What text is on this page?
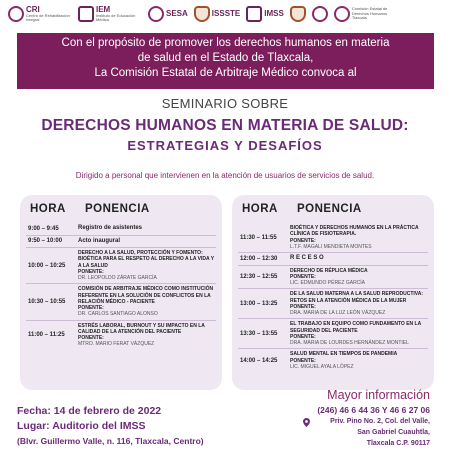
CRI
Centro de Rehabilitación Integral
IEM
Instituto de Educación Médica
SESA	ISSSTE	IMSS
Comisión Estatal de Derechos Humanos Tlaxcala
Con el propósito de promover los derechos humanos en materia
de salud en el Estado de Tlaxcala,
La Comisión Estatal de Arbitraje Médico convoca al
SEMINARIO SOBRE
DERECHOS HUMANOS EN MATERIA DE SALUD:
ESTRATEGIAS Y DESAFÍOS
Dirigido a personal que intervienen en la atención de usuarios de servicios de salud.
HORA PONENCIA
9:00 – 9:45	Registro de asistentes
9:50 – 10:00	Acto inaugural
10:00 – 10:25
DERECHO A LA SALUD, PROTECCIÓN Y FOMENTO: BIOÉTICA PARA EL RESPETO AL DERECHO A LA VIDA Y A LA SALUD
PONENTE:
DR. LEOPOLDO ZÁRATE GARCÍA
10:30 – 10:55
COMISIÓN DE ARBITRAJE MÉDICO COMO INSTITUCIÓN REFERENTE EN LA SOLUCIÓN DE CONFLICTOS EN LA RELACIÓN MÉDICO - PACIENTE
PONENTE:
DR. CARLOS SANTIAGO ALONSO
11:00 – 11:25
ESTRÉS LABORAL, BURNOUT Y SU IMPACTO EN LA CALIDAD DE LA ATENCIÓN DEL PACIENTE
PONENTE:
MTRO. MARIO FERAT VÁZQUEZ
HORA PONENCIA
11:30 – 11:55
BIOÉTICA Y DERECHOS HUMANOS EN LA PRÁCTICA CLÍNICA DE FISIOTERAPIA.
PONENTE:
L.T.F. MAGALI MENDIETA MONTES
12:00 – 12:30	R E C E S O
12:30 – 12:55
DERECHO DE RÉPLICA MÉDICA
PONENTE:
LIC. EDMUNDO PÉREZ GARCÍA
13:00 – 13:25
DE LA SALUD MATERNA A LA SALUD REPRODUCTIVA: RETOS EN LA ATENCIÓN MÉDICA DE LA MUJER
PONENTE:
DRA. MARIA DE LA LUZ LEÓN VÁZQUEZ
13:30 – 13:55
EL TRABAJO EN EQUIPO COMO FUNDAMENTO EN LA SEGURIDAD DEL PACIENTE
PONENTE:
DRA. MARIA DE LOURDES HERNÁNDEZ MONTIEL
14:00 – 14:25
SALUD MENTAL EN TIEMPOS DE PANDEMIA
PONENTE:
LIC. MIGUEL AYALA LÓPEZ
Fecha: 14 de febrero de 2022
Lugar: Auditorio del IMSS
(Blvr. Guillermo Valle, n. 116, Tlaxcala, Centro)
Mayor información
(246) 46 6 44 36 Y 46 6 27 06
Priv. Pino No. 2, Col. del Valle,
San Gabriel Cuauhtla,
Tlaxcala C.P. 90117
